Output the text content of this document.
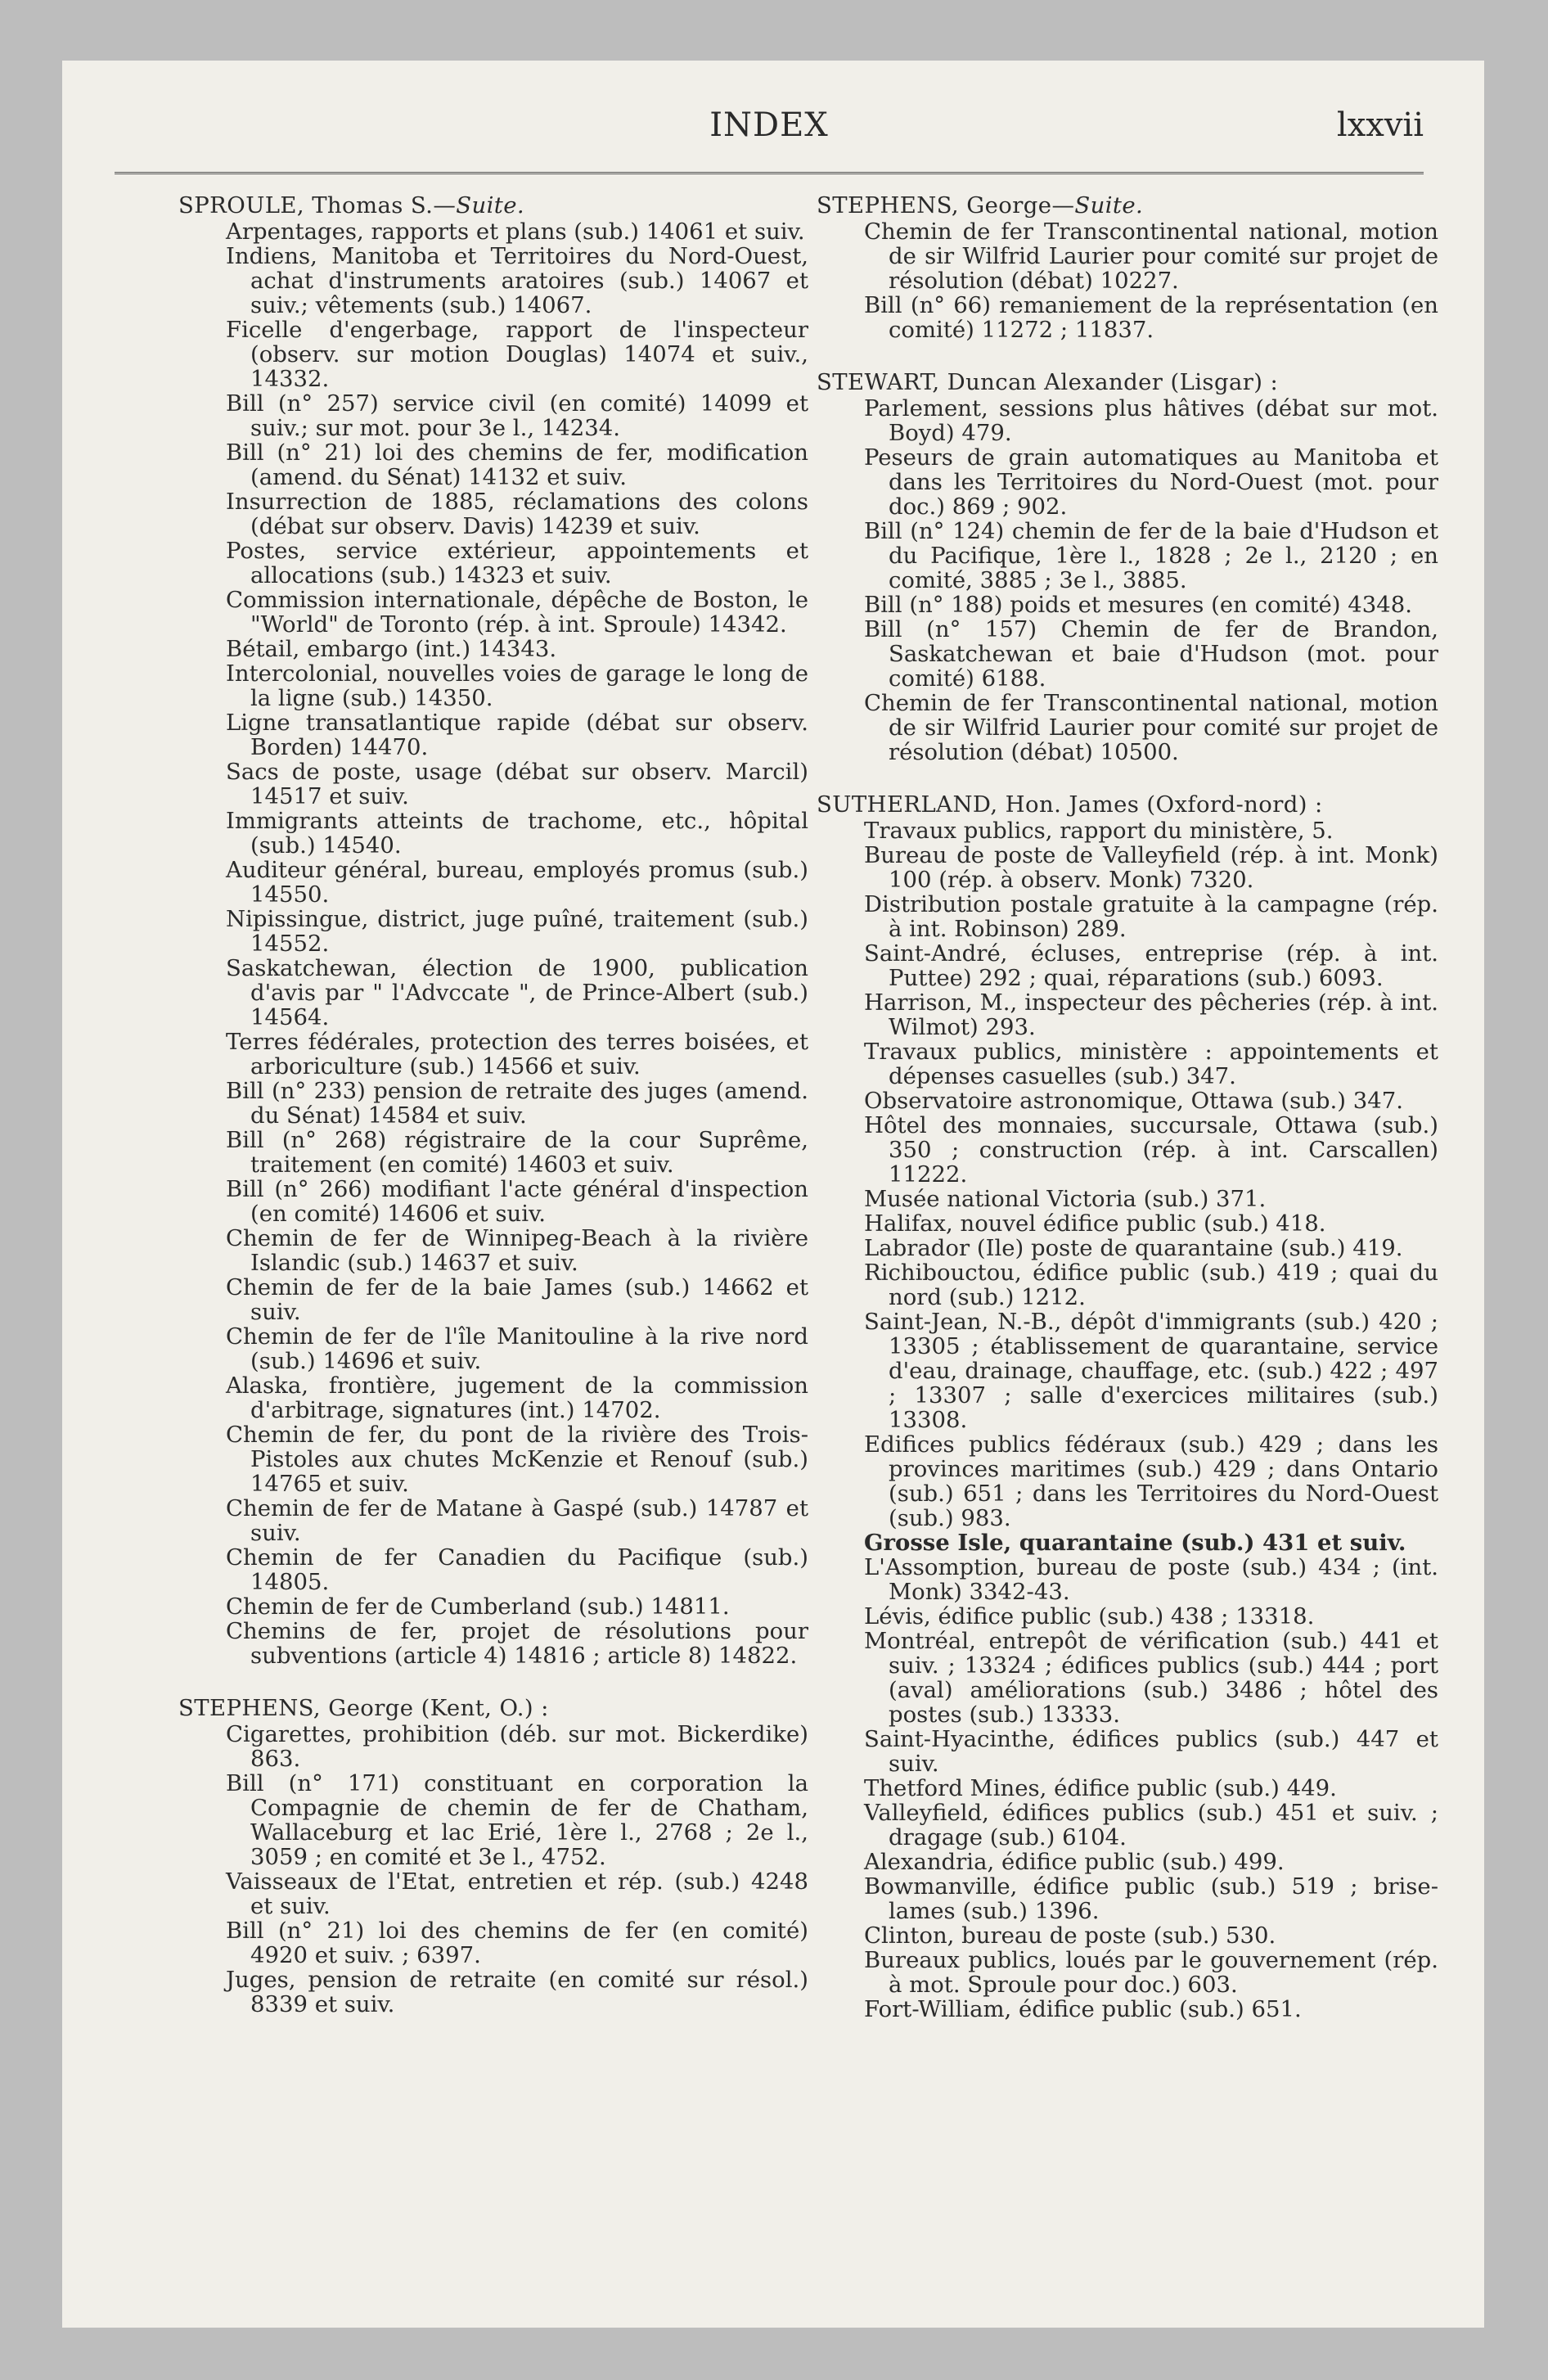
INDEX	lxxvii
SPROULE, Thomas S.—Suite.
Arpentages, rapports et plans (sub.) 14061 et suiv.
Indiens, Manitoba et Territoires du Nord-Ouest, achat d'instruments aratoires (sub.) 14067 et suiv.; vêtements (sub.) 14067.
Ficelle d'engerbage, rapport de l'inspecteur (observ. sur motion Douglas) 14074 et suiv., 14332.
Bill (n° 257) service civil (en comité) 14099 et suiv.; sur mot. pour 3e l., 14234.
Bill (n° 21) loi des chemins de fer, modification (amend. du Sénat) 14132 et suiv.
Insurrection de 1885, réclamations des colons (débat sur observ. Davis) 14239 et suiv.
Postes, service extérieur, appointements et allocations (sub.) 14323 et suiv.
Commission internationale, dépêche de Boston, le "World" de Toronto (rép. à int. Sproule) 14342.
Bétail, embargo (int.) 14343.
Intercolonial, nouvelles voies de garage le long de la ligne (sub.) 14350.
Ligne transatlantique rapide (débat sur observ. Borden) 14470.
Sacs de poste, usage (débat sur observ. Marcil) 14517 et suiv.
Immigrants atteints de trachome, etc., hôpital (sub.) 14540.
Auditeur général, bureau, employés promus (sub.) 14550.
Nipissingue, district, juge puîné, traitement (sub.) 14552.
Saskatchewan, élection de 1900, publication d'avis par " l'Advccate ", de Prince-Albert (sub.) 14564.
Terres fédérales, protection des terres boisées, et arboriculture (sub.) 14566 et suiv.
Bill (n° 233) pension de retraite des juges (amend. du Sénat) 14584 et suiv.
Bill (n° 268) régistraire de la cour Suprême, traitement (en comité) 14603 et suiv.
Bill (n° 266) modifiant l'acte général d'inspection (en comité) 14606 et suiv.
Chemin de fer de Winnipeg-Beach à la rivière Islandic (sub.) 14637 et suiv.
Chemin de fer de la baie James (sub.) 14662 et suiv.
Chemin de fer de l'île Manitouline à la rive nord (sub.) 14696 et suiv.
Alaska, frontière, jugement de la commission d'arbitrage, signatures (int.) 14702.
Chemin de fer, du pont de la rivière des Trois-Pistoles aux chutes McKenzie et Renouf (sub.) 14765 et suiv.
Chemin de fer de Matane à Gaspé (sub.) 14787 et suiv.
Chemin de fer Canadien du Pacifique (sub.) 14805.
Chemin de fer de Cumberland (sub.) 14811.
Chemins de fer, projet de résolutions pour subventions (article 4) 14816 ; article 8) 14822.
STEPHENS, George (Kent, O.) :
Cigarettes, prohibition (déb. sur mot. Bickerdike) 863.
Bill (n° 171) constituant en corporation la Compagnie de chemin de fer de Chatham, Wallaceburg et lac Erié, 1ère l., 2768 ; 2e l., 3059 ; en comité et 3e l., 4752.
Vaisseaux de l'Etat, entretien et rép. (sub.) 4248 et suiv.
Bill (n° 21) loi des chemins de fer (en comité) 4920 et suiv. ; 6397.
Juges, pension de retraite (en comité sur résol.) 8339 et suiv.
STEPHENS, George—Suite.
Chemin de fer Transcontinental national, motion de sir Wilfrid Laurier pour comité sur projet de résolution (débat) 10227.
Bill (n° 66) remaniement de la représentation (en comité) 11272 ; 11837.
STEWART, Duncan Alexander (Lisgar) :
Parlement, sessions plus hâtives (débat sur mot. Boyd) 479.
Peseurs de grain automatiques au Manitoba et dans les Territoires du Nord-Ouest (mot. pour doc.) 869 ; 902.
Bill (n° 124) chemin de fer de la baie d'Hudson et du Pacifique, 1ère l., 1828 ; 2e l., 2120 ; en comité, 3885 ; 3e l., 3885.
Bill (n° 188) poids et mesures (en comité) 4348.
Bill (n° 157) Chemin de fer de Brandon, Saskatchewan et baie d'Hudson (mot. pour comité) 6188.
Chemin de fer Transcontinental national, motion de sir Wilfrid Laurier pour comité sur projet de résolution (débat) 10500.
SUTHERLAND, Hon. James (Oxford-nord) :
Travaux publics, rapport du ministère, 5.
Bureau de poste de Valleyfield (rép. à int. Monk) 100 (rép. à observ. Monk) 7320.
Distribution postale gratuite à la campagne (rép. à int. Robinson) 289.
Saint-André, écluses, entreprise (rép. à int. Puttee) 292 ; quai, réparations (sub.) 6093.
Harrison, M., inspecteur des pêcheries (rép. à int. Wilmot) 293.
Travaux publics, ministère : appointements et dépenses casuelles (sub.) 347.
Observatoire astronomique, Ottawa (sub.) 347.
Hôtel des monnaies, succursale, Ottawa (sub.) 350 ; construction (rép. à int. Carscallen) 11222.
Musée national Victoria (sub.) 371.
Halifax, nouvel édifice public (sub.) 418.
Labrador (Ile) poste de quarantaine (sub.) 419.
Richibouctou, édifice public (sub.) 419 ; quai du nord (sub.) 1212.
Saint-Jean, N.-B., dépôt d'immigrants (sub.) 420 ; 13305 ; établissement de quarantaine, service d'eau, drainage, chauffage, etc. (sub.) 422 ; 497 ; 13307 ; salle d'exercices militaires (sub.) 13308.
Edifices publics fédéraux (sub.) 429 ; dans les provinces maritimes (sub.) 429 ; dans Ontario (sub.) 651 ; dans les Territoires du Nord-Ouest (sub.) 983.
Grosse Isle, quarantaine (sub.) 431 et suiv.
L'Assomption, bureau de poste (sub.) 434 ; (int. Monk) 3342-43.
Lévis, édifice public (sub.) 438 ; 13318.
Montréal, entrepôt de vérification (sub.) 441 et suiv. ; 13324 ; édifices publics (sub.) 444 ; port (aval) améliorations (sub.) 3486 ; hôtel des postes (sub.) 13333.
Saint-Hyacinthe, édifices publics (sub.) 447 et suiv.
Thetford Mines, édifice public (sub.) 449.
Valleyfield, édifices publics (sub.) 451 et suiv. ; dragage (sub.) 6104.
Alexandria, édifice public (sub.) 499.
Bowmanville, édifice public (sub.) 519 ; brise-lames (sub.) 1396.
Clinton, bureau de poste (sub.) 530.
Bureaux publics, loués par le gouvernement (rép. à mot. Sproule pour doc.) 603.
Fort-William, édifice public (sub.) 651.
